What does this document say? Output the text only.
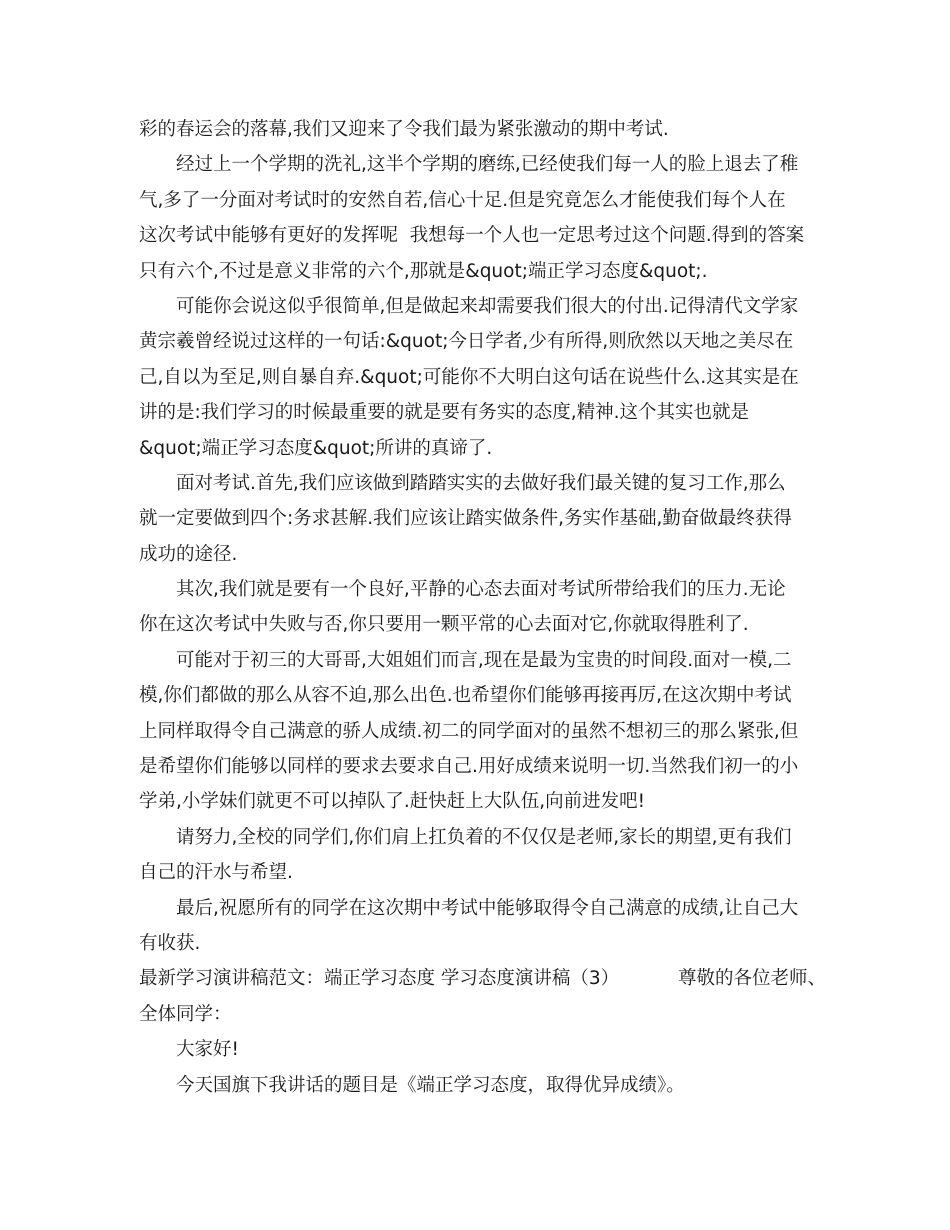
彩的春运会的落幕,我们又迎来了令我们最为紧张激动的期中考试.
经过上一个学期的洗礼,这半个学期的磨练,已经使我们每一人的脸上退去了稚
气,多了一分面对考试时的安然自若,信心十足.但是究竟怎么才能使我们每个人在
这次考试中能够有更好的发挥呢  我想每一个人也一定思考过这个问题.得到的答案
只有六个,不过是意义非常的六个,那就是&quot;端正学习态度&quot;.
可能你会说这似乎很简单,但是做起来却需要我们很大的付出.记得清代文学家
黄宗羲曾经说过这样的一句话:&quot;今日学者,少有所得,则欣然以天地之美尽在
己,自以为至足,则自暴自弃.&quot;可能你不大明白这句话在说些什么.这其实是在
讲的是:我们学习的时候最重要的就是要有务实的态度,精神.这个其实也就是
&quot;端正学习态度&quot;所讲的真谛了.
面对考试.首先,我们应该做到踏踏实实的去做好我们最关键的复习工作,那么
就一定要做到四个:务求甚解.我们应该让踏实做条件,务实作基础,勤奋做最终获得
成功的途径.
其次,我们就是要有一个良好,平静的心态去面对考试所带给我们的压力.无论
你在这次考试中失败与否,你只要用一颗平常的心去面对它,你就取得胜利了.
可能对于初三的大哥哥,大姐姐们而言,现在是最为宝贵的时间段.面对一模,二
模,你们都做的那么从容不迫,那么出色.也希望你们能够再接再厉,在这次期中考试
上同样取得令自己满意的骄人成绩.初二的同学面对的虽然不想初三的那么紧张,但
是希望你们能够以同样的要求去要求自己.用好成绩来说明一切.当然我们初一的小
学弟,小学妹们就更不可以掉队了.赶快赶上大队伍,向前进发吧!
请努力,全校的同学们,你们肩上扛负着的不仅仅是老师,家长的期望,更有我们
自己的汗水与希望.
最后,祝愿所有的同学在这次期中考试中能够取得令自己满意的成绩,让自己大
有收获.
最新学习演讲稿范文：端正学习态度 学习态度演讲稿（3）          尊敬的各位老师、
全体同学：
大家好!
今天国旗下我讲话的题目是《端正学习态度，取得优异成绩》。
